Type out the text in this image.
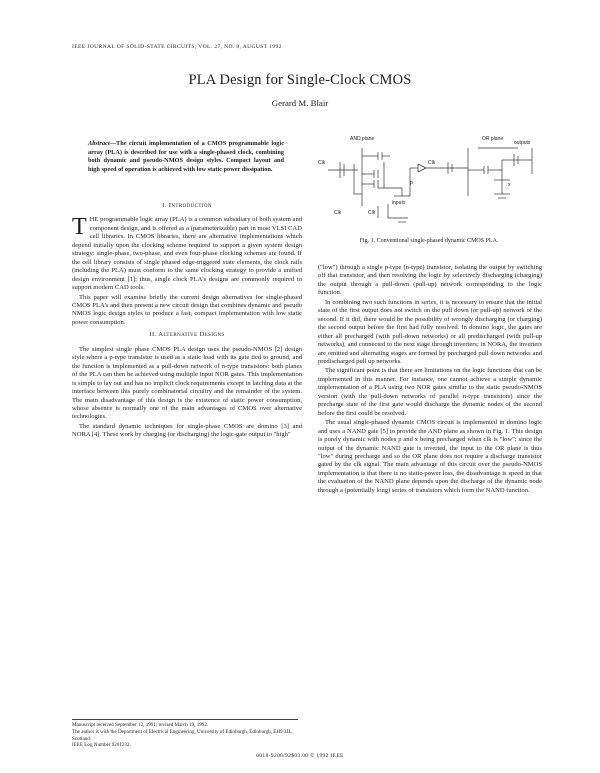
IEEE JOURNAL OF SOLID-STATE CIRCUITS, VOL. 27, NO. 8, AUGUST 1992
PLA Design for Single-Clock CMOS
Gerard M. Blair
Abstract—The circuit implementation of a CMOS programmable logic array (PLA) is described for use with a single-phased clock, combining both dynamic and pseudo-NMOS design styles. Compact layout and high speed of operation is achieved with low static power dissipation.
I. Introduction

THE programmable logic array (PLA) is a common subsidiary of both system and component design, and is offered as a (parameterizable) part in most VLSI CAD cell libraries. In CMOS libraries, there are alternative implementations which depend initially upon the clocking scheme required to support a given system design strategy: single-phase, two-phase, and even four-phase clocking schemes are found. If the cell library consists of single phased edge-triggered state elements, the clock rails (including the PLA) must conform to the same clocking strategy to provide a unified design environment [1]; thus, single clock PLA's designs are commonly required to support modern CAD tools.

This paper will examine briefly the current design alternatives for single-phased CMOS PLA's and then present a new circuit design that combines dynamic and pseudo NMOS logic design styles to produce a fast, compact implementation with low static power consumption.

II. Alternative Designs

The simplest single phase CMOS PLA design uses the pseudo-NMOS [2] design style where a p-type transistor is used as a static load with its gate tied to ground, and the function is implemented as a pull-down network of n-type transistors: both planes of the PLA can then be achieved using multiple input NOR gates. This implementation is simple to lay out and has no implicit clock requirements except in latching data at the interface between this purely combinatorial circuitry and the remainder of the system. The main disadvantage of this design is the existence of static power consumption, whose absence is normally one of the main advantages of CMOS over alternative technologies.

The standard dynamic techniques for single-phase CMOS are domino [3] and NORA [4]. These work by charging (or discharging) the logic-gate output to "high"

AND plane	OR plane
Clk	Clk
p	x
inputs
outputs
Clk	Clk
Fig. 1. Conventional single-phased dynamic CMOS PLA.

("low") through a single p-type (n-type) transistor, isolating the output by switching off that transistor, and then resolving the logic by selectively discharging (charging) the output through a pull-down (pull-up) network corresponding to the logic function.

In combining two such functions in series, it is necessary to ensure that the initial state of the first output does not switch on the pull down (or pull-up) network of the second. If it did, there would be the possibility of wrongly discharging (or charging) the second output before the first had fully resolved. In domino logic, the gates are either all precharged (with pull-down networks) or all predischarged (with pull-up networks), and connected to the next stage through inverters; in NORA, the inverters are omitted and alternating stages are formed by precharged pull down networks and predischarged pull up networks.

The significant point is that there are limitations on the logic functions that can be implemented in this manner. For instance, one cannot achieve a simple dynamic implementation of a PLA using two NOR gates similar to the static pseudo-NMOS version (with the pull-down networks of parallel n-type transistors) since the precharge state of the first gate would discharge the dynamic nodes of the second before the first could be resolved.

The usual single-phased dynamic CMOS circuit is implemented in domino logic and uses a NAND gate [5] to provide the AND plane as shown in Fig. 1. This design is purely dynamic with nodes p and x being precharged when clk is "low"; since the output of the dynamic NAND gate is inverted, the input to the OR plane is thus "low" during precharge and so the OR plane does not require a discharge transistor gated by the clk signal. The main advantage of this circuit over the pseudo-NMOS implementation is that there is no static-power loss, the disadvantage is speed in that the evaluation of the NAND plane depends upon the discharge of the dynamic node through a (potentially long) series of transistors which form the NAND function.

Manuscript received September 12, 1991; revised March 19, 1992.

The author is with the Department of Electrical Engineering, University of Edinburgh, Edinburgh, EH9 3JL, Scotland.

IEEE Log Number 9201232.

0018-9200/92$03.00 © 1992 IEEE
